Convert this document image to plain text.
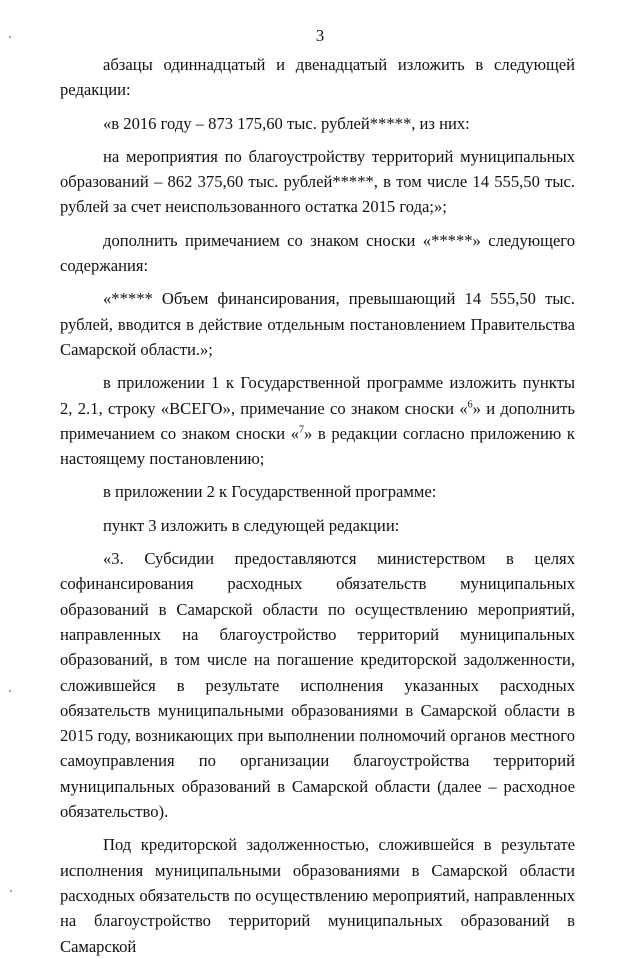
3

абзацы одиннадцатый и двенадцатый изложить в следующей редакции:

«в 2016 году – 873 175,60 тыс. рублей*****, из них:

на мероприятия по благоустройству территорий муниципальных образований – 862 375,60 тыс. рублей*****, в том числе 14 555,50 тыс. рублей за счет неиспользованного остатка 2015 года;»;

дополнить примечанием со знаком сноски «*****» следующего содержания:

«***** Объем финансирования, превышающий 14 555,50 тыс. рублей, вводится в действие отдельным постановлением Правительства Самарской области.»;

в приложении 1 к Государственной программе изложить пункты 2, 2.1, строку «ВСЕГО», примечание со знаком сноски «$^6$» и дополнить примечанием со знаком сноски «$^7$» в редакции согласно приложению к настоящему постановлению;

в приложении 2 к Государственной программе:

пункт 3 изложить в следующей редакции:

«3. Субсидии предоставляются министерством в целях софинансирования расходных обязательств муниципальных образований в Самарской области по осуществлению мероприятий, направленных на благоустройство территорий муниципальных образований, в том числе на погашение кредиторской задолженности, сложившейся в результате исполнения указанных расходных обязательств муниципальными образованиями в Самарской области в 2015 году, возникающих при выполнении полномочий органов местного самоуправления по организации благоустройства территорий муниципальных образований в Самарской области (далее – расходное обязательство).

Под кредиторской задолженностью, сложившейся в результате исполнения муниципальными образованиями в Самарской области расходных обязательств по осуществлению мероприятий, направленных на благоустройство территорий муниципальных образований в Самарской
